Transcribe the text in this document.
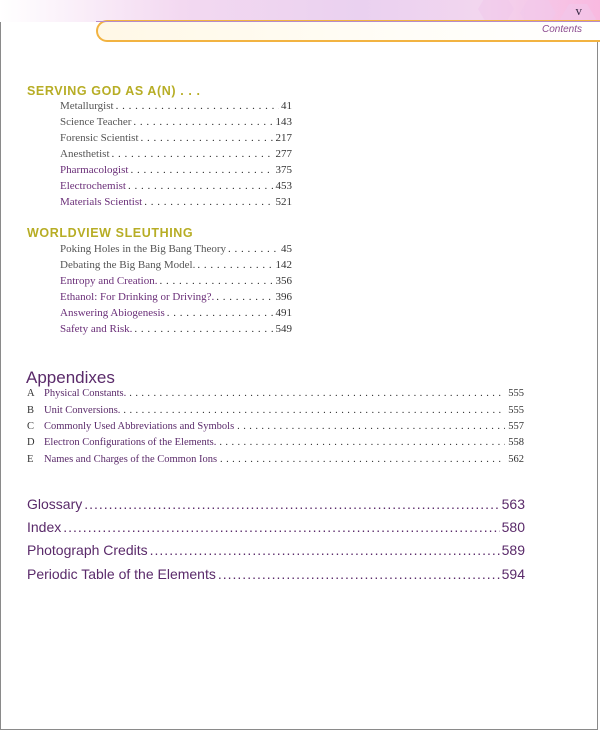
v
Contents
SERVING GOD AS A(N) . . .
Metallurgist . . .	41
Science Teacher . . .	143
Forensic Scientist . . .	217
Anesthetist . . .	277
Pharmacologist . . .	375
Electrochemist . . .	453
Materials Scientist . . .	521
WORLDVIEW SLEUTHING
Poking Holes in the Big Bang Theory . . .	45
Debating the Big Bang Model. . . .	142
Entropy and Creation. . . .	356
Ethanol: For Drinking or Driving?. . . .	396
Answering Abiogenesis . . .	491
Safety and Risk. . . .	549
Appendixes
A Physical Constants. . . .	555
B Unit Conversions. . . .	555
C Commonly Used Abbreviations and Symbols . . .	557
D Electron Configurations of the Elements. . . .	558
E	Names and Charges of the Common Ions . . .	562
Glossary .....	563
Index .....	580
Photograph Credits .....	589
Periodic Table of the Elements .....	594
